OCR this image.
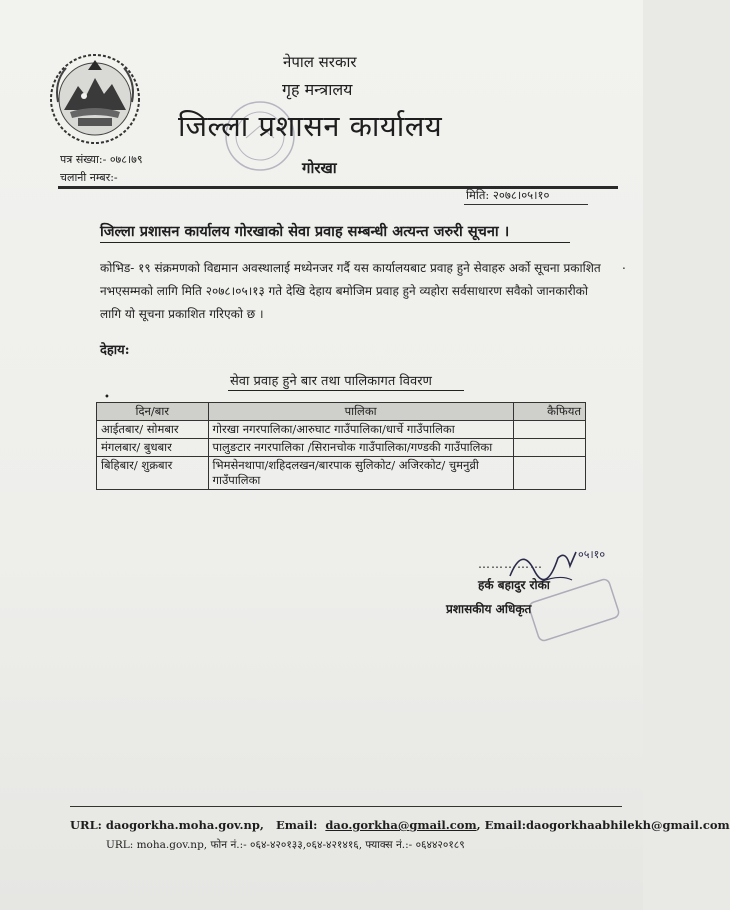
नेपाल सरकार
गृह मन्त्रालय
जिल्ला प्रशासन कार्यालय
गोरखा
पत्र संख्या:- ०७८।७९
चलानी नम्बर:-
मिति: २०७८।०५।१०
जिल्ला प्रशासन कार्यालय गोरखाको सेवा प्रवाह सम्बन्धी अत्यन्त जरुरी सूचना ।
कोभिड- १९ संक्रमणको विद्यमान अवस्थालाई मध्येनजर गर्दै यस कार्यालयबाट प्रवाह हुने सेवाहरु अर्को सूचना प्रकाशित नभएसम्मको लागि मिति २०७८।०५।१३ गते देखि देहाय बमोजिम प्रवाह हुने व्यहोरा सर्वसाधारण सवैको जानकारीको लागि यो सूचना प्रकाशित गरिएको छ ।
.
देहाय:
सेवा प्रवाह हुने बार तथा पालिकागत विवरण
•
दिन/बार	पालिका	कैफियत
आईतबार/ सोमबार	गोरखा नगरपालिका/आरुघाट गाउँपालिका/धार्चे गाउँपालिका	
मंगलबार/ बुधबार	पालुङटार नगरपालिका /सिरानचोक गाउँपालिका/गण्डकी गाउँपालिका	
बिहिबार/ शुक्रबार	भिमसेनथापा/शहिदलखन/बारपाक सुलिकोट/ अजिरकोट/ चुमनुव्री गाउँपालिका	
……………
०५।१०
हर्क बहादुर रोका
प्रशासकीय अधिकृत
URL: daogorkha.moha.gov.np, Email: dao.gorkha@gmail.com, Email:daogorkhaabhilekh@gmail.com
URL: moha.gov.np, फोन नं.:- ०६४-४२०१३३,०६४-४२१४१६, फ्याक्स नं.:- ०६४४२०१८९
